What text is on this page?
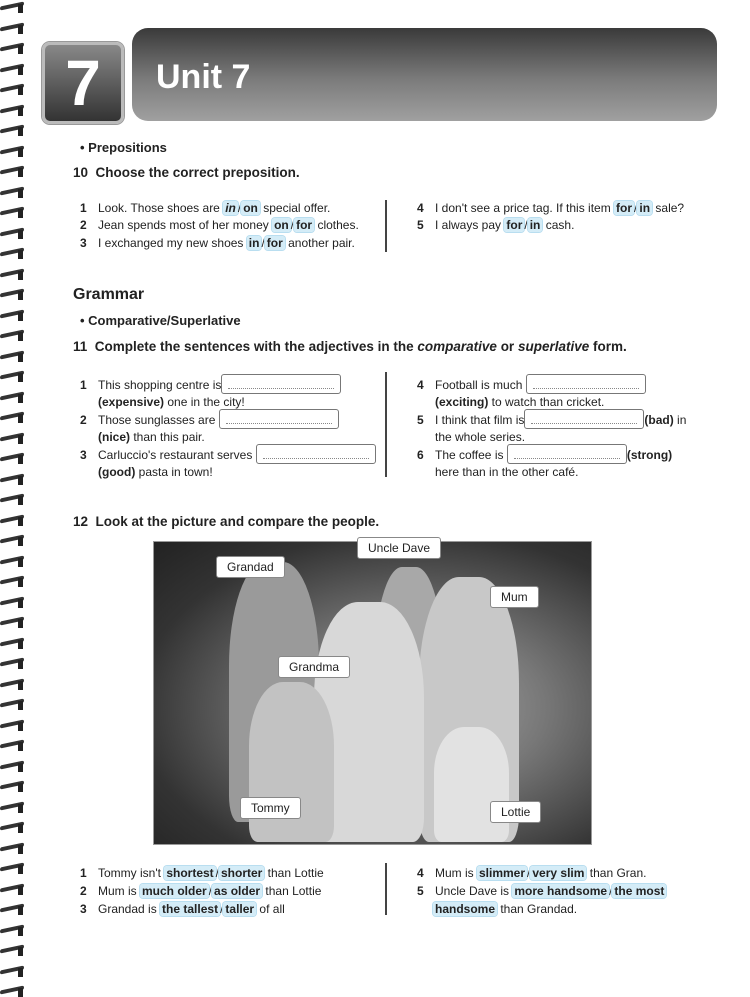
7	Unit 7
• Prepositions
10 Choose the correct preposition.
1 Look. Those shoes are in / on special offer.
2 Jean spends most of her money on / for clothes.
3 I exchanged my new shoes in / for another pair.
4 I don't see a price tag. If this item for / in sale?
5 I always pay for / in cash.
Grammar
• Comparative/Superlative
11 Complete the sentences with the adjectives in the comparative or superlative form.
1 This shopping centre is
(expensive) one in the city!
2 Those sunglasses are
(nice) than this pair.
3 Carluccio's restaurant serves
(good) pasta in town!
4 Football is much
(exciting) to watch than cricket.
5 I think that film is	(bad) in
the whole series.
6 The coffee is	(strong)
here than in the other café.
12 Look at the picture and compare the people.
Uncle Dave
Grandad
Mum
Grandma
Tommy	Lottie
1 Tommy isn't shortest / shorter than Lottie
2 Mum is much older / as older than Lottie
3 Grandad is the tallest / taller of all
4 Mum is slimmer / very slim than Gran.
5 Uncle Dave is more handsome / the most
handsome than Grandad.
